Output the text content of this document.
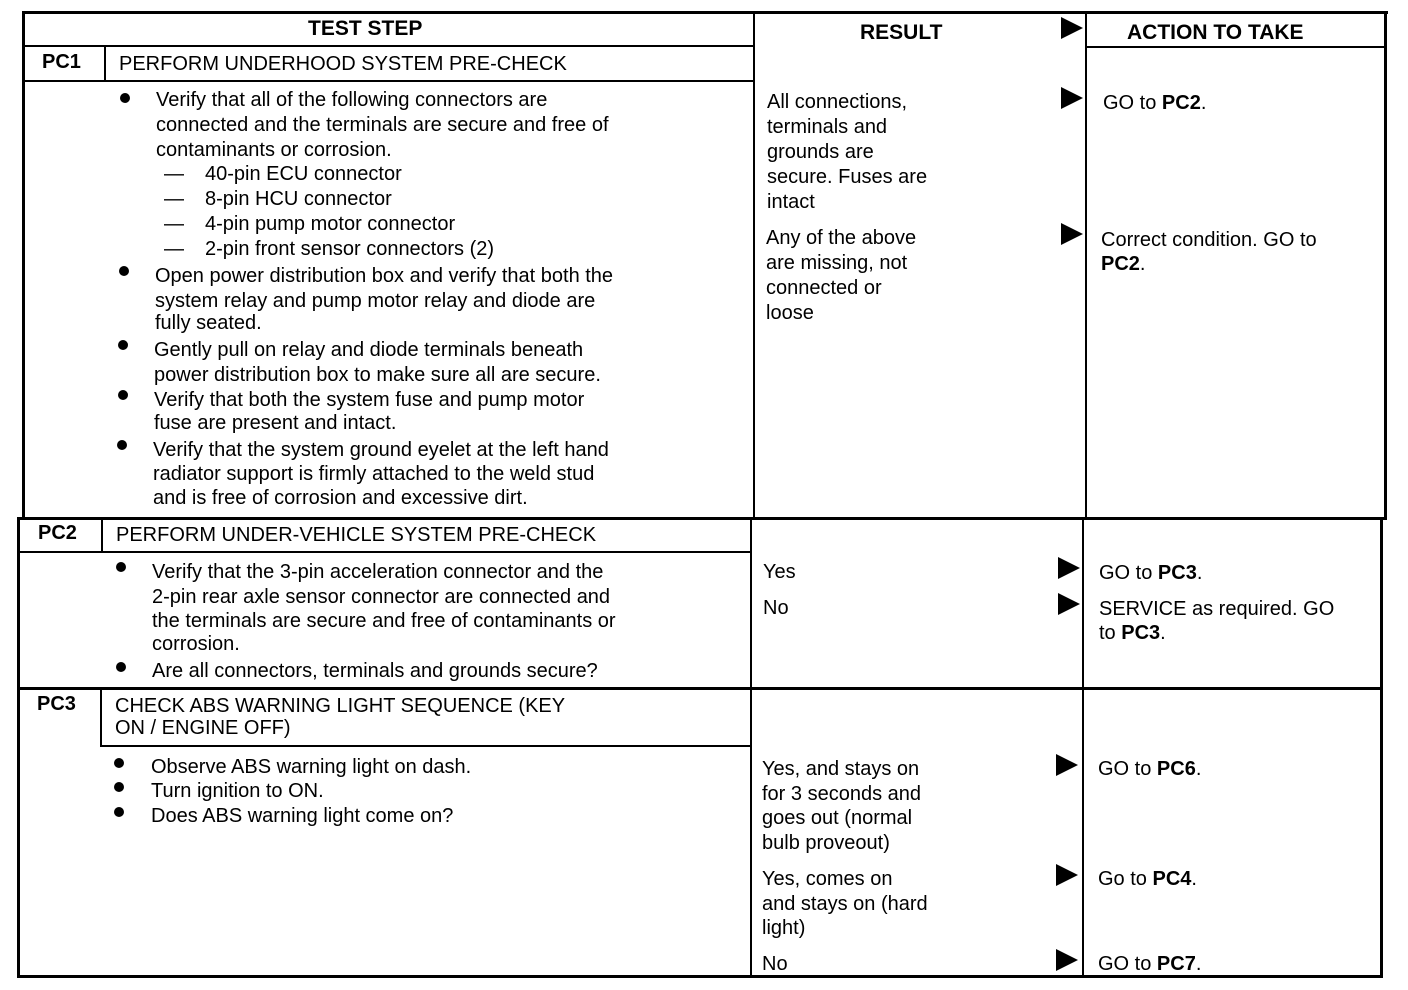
TEST STEP	RESULT	ACTION TO TAKE
PC1 PERFORM UNDERHOOD SYSTEM PRE-CHECK
Verify that all of the following connectors are
connected and the terminals are secure and free of
contaminants or corrosion.
— 40-pin ECU connector
— 8-pin HCU connector
— 4-pin pump motor connector
— 2-pin front sensor connectors (2)
Open power distribution box and verify that both the
system relay and pump motor relay and diode are
fully seated.
Gently pull on relay and diode terminals beneath
power distribution box to make sure all are secure.
Verify that both the system fuse and pump motor
fuse are present and intact.
Verify that the system ground eyelet at the left hand
radiator support is firmly attached to the weld stud
and is free of corrosion and excessive dirt.
All connections,
terminals and
grounds are
secure. Fuses are
intact
Any of the above
are missing, not
connected or
loose
GO to PC2.
Correct condition. GO to
PC2.
PC2 PERFORM UNDER-VEHICLE SYSTEM PRE-CHECK
Verify that the 3-pin acceleration connector and the
2-pin rear axle sensor connector are connected and
the terminals are secure and free of contaminants or
corrosion.
Are all connectors, terminals and grounds secure?
Yes
No
GO to PC3.
SERVICE as required. GO
to PC3.
PC3 CHECK ABS WARNING LIGHT SEQUENCE (KEY
ON / ENGINE OFF)
Observe ABS warning light on dash.
Turn ignition to ON.
Does ABS warning light come on?
Yes, and stays on
for 3 seconds and
goes out (normal
bulb proveout)
Yes, comes on
and stays on (hard
light)
No
GO to PC6.
Go to PC4.
GO to PC7.
